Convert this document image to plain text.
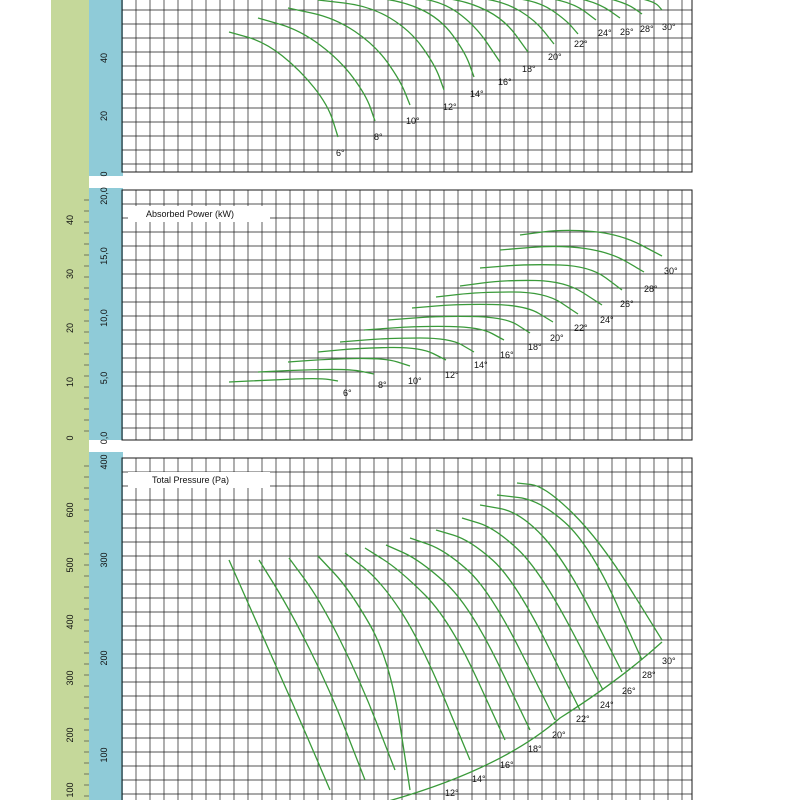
6°
8°
10°
12°
14°
16°
18°
20°
22°
24° 26° 28° 30°
0
20
40
6°
8° 10°
12°
14°
16°
18°
20°
22°
24°
26°
28°
30°
0,0
5,0
10,0
15,0
20,0
0
10
20
30
40
12°
14°
16°
18°
20°
22°
24°
26°
28°
30°
100
200
300
400
100
200
300
400
500
600
Absorbed Power (kW)
Total Pressure (Pa)
